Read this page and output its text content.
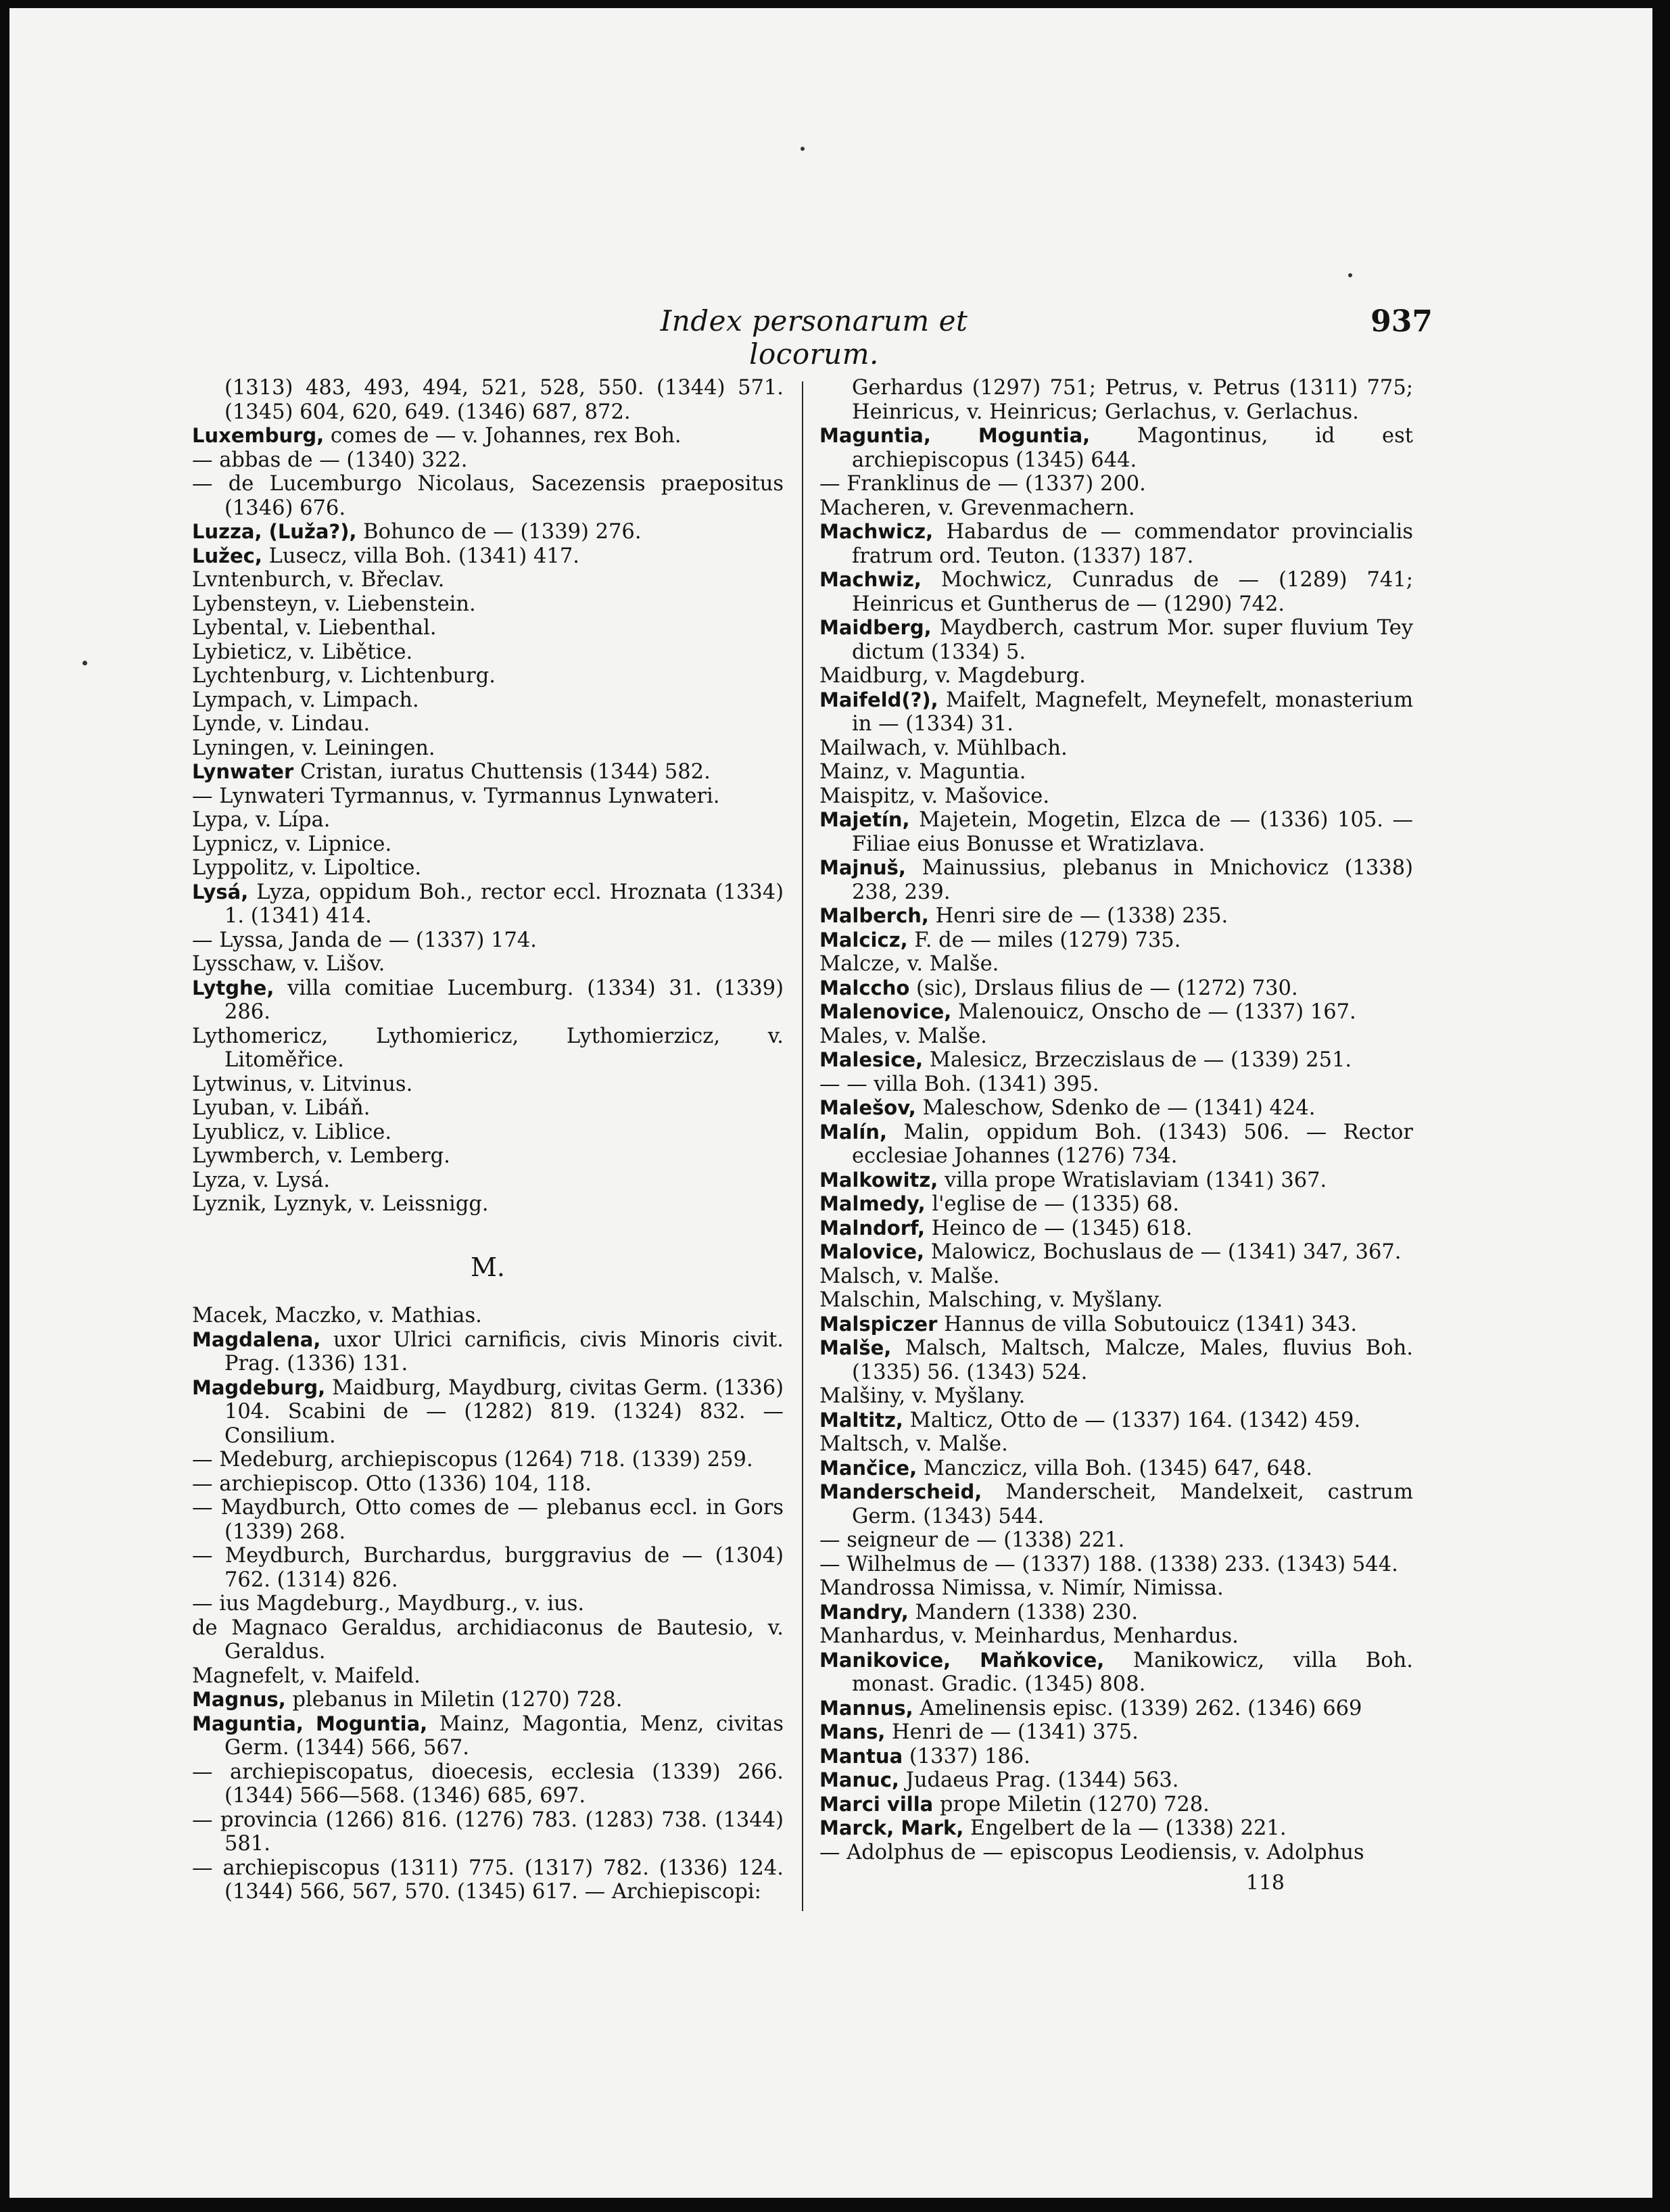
Index personarum et locorum.
937
(1313) 483, 493, 494, 521, 528, 550. (1344) 571. (1345) 604, 620, 649. (1346) 687, 872.
Luxemburg, comes de — v. Johannes, rex Boh.
— abbas de — (1340) 322.
— de Lucemburgo Nicolaus, Sacezensis praepositus (1346) 676.
Luzza, (Luža?), Bohunco de — (1339) 276.
Lužec, Lusecz, villa Boh. (1341) 417.
Lvntenburch, v. Břeclav.
Lybensteyn, v. Liebenstein.
Lybental, v. Liebenthal.
Lybieticz, v. Libětice.
Lychtenburg, v. Lichtenburg.
Lympach, v. Limpach.
Lynde, v. Lindau.
Lyningen, v. Leiningen.
Lynwater Cristan, iuratus Chuttensis (1344) 582.
— Lynwateri Tyrmannus, v. Tyrmannus Lynwateri.
Lypa, v. Lípa.
Lypnicz, v. Lipnice.
Lyppolitz, v. Lipoltice.
Lysá, Lyza, oppidum Boh., rector eccl. Hroznata (1334) 1. (1341) 414.
— Lyssa, Janda de — (1337) 174.
Lysschaw, v. Lišov.
Lytghe, villa comitiae Lucemburg. (1334) 31. (1339) 286.
Lythomericz, Lythomiericz, Lythomierzicz, v. Litoměřice.
Lytwinus, v. Litvinus.
Lyuban, v. Libáň.
Lyublicz, v. Liblice.
Lywmberch, v. Lemberg.
Lyza, v. Lysá.
Lyznik, Lyznyk, v. Leissnigg.
M.
Macek, Maczko, v. Mathias.
Magdalena, uxor Ulrici carnificis, civis Minoris civit. Prag. (1336) 131.
Magdeburg, Maidburg, Maydburg, civitas Germ. (1336) 104. Scabini de — (1282) 819. (1324) 832. — Consilium.
— Medeburg, archiepiscopus (1264) 718. (1339) 259.
— archiepiscop. Otto (1336) 104, 118.
— Maydburch, Otto comes de — plebanus eccl. in Gors (1339) 268.
— Meydburch, Burchardus, burggravius de — (1304) 762. (1314) 826.
— ius Magdeburg., Maydburg., v. ius.
de Magnaco Geraldus, archidiaconus de Bautesio, v. Geraldus.
Magnefelt, v. Maifeld.
Magnus, plebanus in Miletin (1270) 728.
Maguntia, Moguntia, Mainz, Magontia, Menz, civitas Germ. (1344) 566, 567.
— archiepiscopatus, dioecesis, ecclesia (1339) 266. (1344) 566—568. (1346) 685, 697.
— provincia (1266) 816. (1276) 783. (1283) 738. (1344) 581.
— archiepiscopus (1311) 775. (1317) 782. (1336) 124. (1344) 566, 567, 570. (1345) 617. — Archiepiscopi:
Gerhardus (1297) 751; Petrus, v. Petrus (1311) 775; Heinricus, v. Heinricus; Gerlachus, v. Gerlachus.
Maguntia, Moguntia, Magontinus, id est archiepiscopus (1345) 644.
— Franklinus de — (1337) 200.
Macheren, v. Grevenmachern.
Machwicz, Habardus de — commendator provincialis fratrum ord. Teuton. (1337) 187.
Machwiz, Mochwicz, Cunradus de — (1289) 741; Heinricus et Guntherus de — (1290) 742.
Maidberg, Maydberch, castrum Mor. super fluvium Tey dictum (1334) 5.
Maidburg, v. Magdeburg.
Maifeld(?), Maifelt, Magnefelt, Meynefelt, monasterium in — (1334) 31.
Mailwach, v. Mühlbach.
Mainz, v. Maguntia.
Maispitz, v. Mašovice.
Majetín, Majetein, Mogetin, Elzca de — (1336) 105. — Filiae eius Bonusse et Wratizlava.
Majnuš, Mainussius, plebanus in Mnichovicz (1338) 238, 239.
Malberch, Henri sire de — (1338) 235.
Malcicz, F. de — miles (1279) 735.
Malcze, v. Malše.
Malccho (sic), Drslaus filius de — (1272) 730.
Malenovice, Malenouicz, Onscho de — (1337) 167.
Males, v. Malše.
Malesice, Malesicz, Brzeczislaus de — (1339) 251.
— — villa Boh. (1341) 395.
Malešov, Maleschow, Sdenko de — (1341) 424.
Malín, Malin, oppidum Boh. (1343) 506. — Rector ecclesiae Johannes (1276) 734.
Malkowitz, villa prope Wratislaviam (1341) 367.
Malmedy, l'eglise de — (1335) 68.
Malndorf, Heinco de — (1345) 618.
Malovice, Malowicz, Bochuslaus de — (1341) 347, 367.
Malsch, v. Malše.
Malschin, Malsching, v. Myšlany.
Malspiczer Hannus de villa Sobutouicz (1341) 343.
Malše, Malsch, Maltsch, Malcze, Males, fluvius Boh. (1335) 56. (1343) 524.
Malšiny, v. Myšlany.
Maltitz, Malticz, Otto de — (1337) 164. (1342) 459.
Maltsch, v. Malše.
Mančice, Manczicz, villa Boh. (1345) 647, 648.
Manderscheid, Manderscheit, Mandelxeit, castrum Germ. (1343) 544.
— seigneur de — (1338) 221.
— Wilhelmus de — (1337) 188. (1338) 233. (1343) 544.
Mandrossa Nimissa, v. Nimír, Nimissa.
Mandry, Mandern (1338) 230.
Manhardus, v. Meinhardus, Menhardus.
Manikovice, Maňkovice, Manikowicz, villa Boh. monast. Gradic. (1345) 808.
Mannus, Amelinensis episc. (1339) 262. (1346) 669
Mans, Henri de — (1341) 375.
Mantua (1337) 186.
Manuc, Judaeus Prag. (1344) 563.
Marci villa prope Miletin (1270) 728.
Marck, Mark, Engelbert de la — (1338) 221.
— Adolphus de — episcopus Leodiensis, v. Adolphus
118
